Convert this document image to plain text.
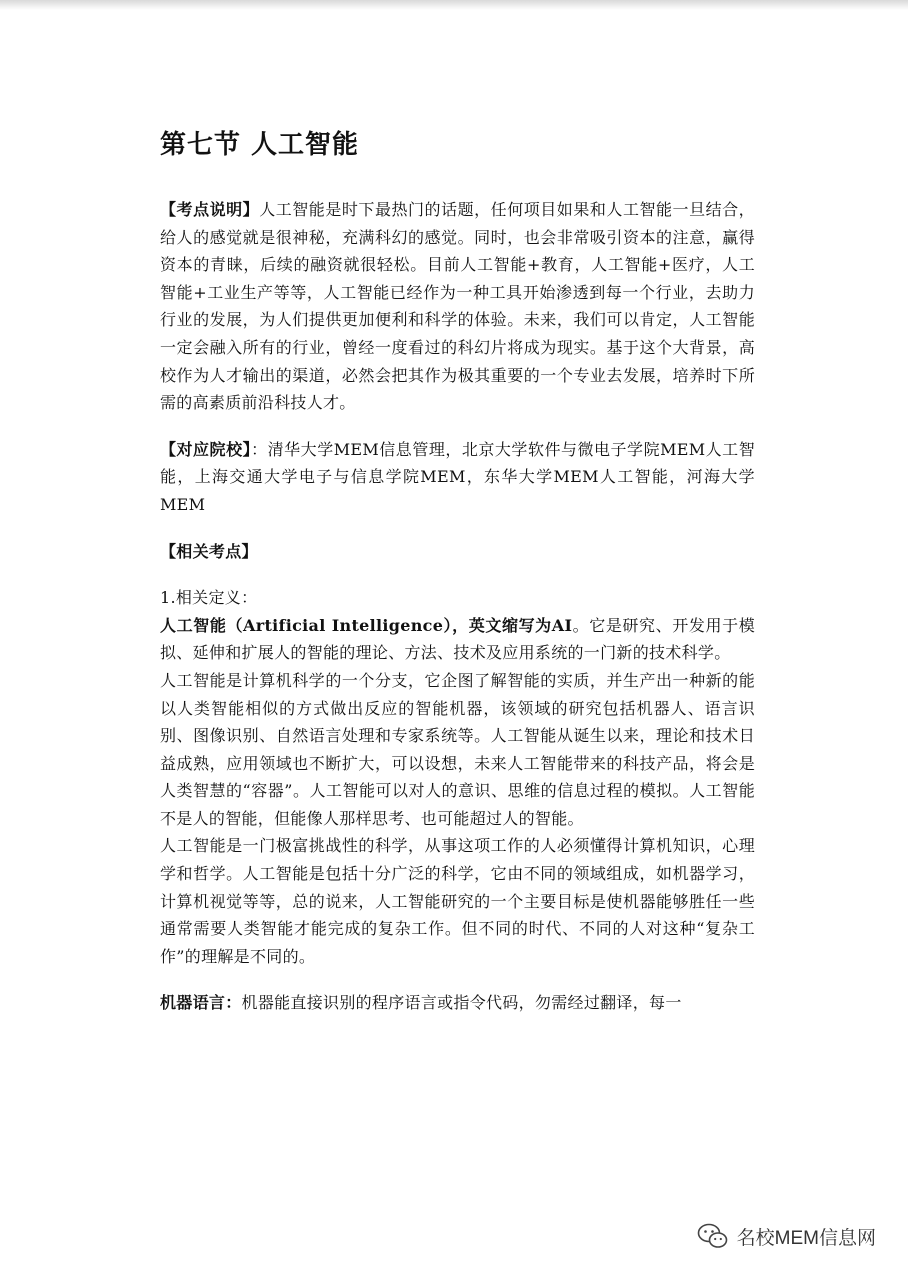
第七节 人工智能

【考点说明】人工智能是时下最热门的话题，任何项目如果和人工智能一旦结合，给人的感觉就是很神秘，充满科幻的感觉。同时，也会非常吸引资本的注意，赢得资本的青睐，后续的融资就很轻松。目前人工智能+教育，人工智能+医疗，人工智能+工业生产等等，人工智能已经作为一种工具开始渗透到每一个行业，去助力行业的发展，为人们提供更加便利和科学的体验。未来，我们可以肯定，人工智能一定会融入所有的行业，曾经一度看过的科幻片将成为现实。基于这个大背景，高校作为人才输出的渠道，必然会把其作为极其重要的一个专业去发展，培养时下所需的高素质前沿科技人才。

【对应院校】：清华大学MEM信息管理，北京大学软件与微电子学院MEM人工智能，上海交通大学电子与信息学院MEM，东华大学MEM人工智能，河海大学MEM

【相关考点】

1.相关定义：

人工智能（Artificial Intelligence），英文缩写为AI。它是研究、开发用于模拟、延伸和扩展人的智能的理论、方法、技术及应用系统的一门新的技术科学。

人工智能是计算机科学的一个分支，它企图了解智能的实质，并生产出一种新的能以人类智能相似的方式做出反应的智能机器，该领域的研究包括机器人、语言识别、图像识别、自然语言处理和专家系统等。人工智能从诞生以来，理论和技术日益成熟，应用领域也不断扩大，可以设想，未来人工智能带来的科技产品，将会是人类智慧的“容器”。人工智能可以对人的意识、思维的信息过程的模拟。人工智能不是人的智能，但能像人那样思考、也可能超过人的智能。

人工智能是一门极富挑战性的科学，从事这项工作的人必须懂得计算机知识，心理学和哲学。人工智能是包括十分广泛的科学，它由不同的领域组成，如机器学习，计算机视觉等等，总的说来，人工智能研究的一个主要目标是使机器能够胜任一些通常需要人类智能才能完成的复杂工作。但不同的时代、不同的人对这种“复杂工作”的理解是不同的。

机器语言：机器能直接识别的程序语言或指令代码，勿需经过翻译，每一

名校MEM信息网
